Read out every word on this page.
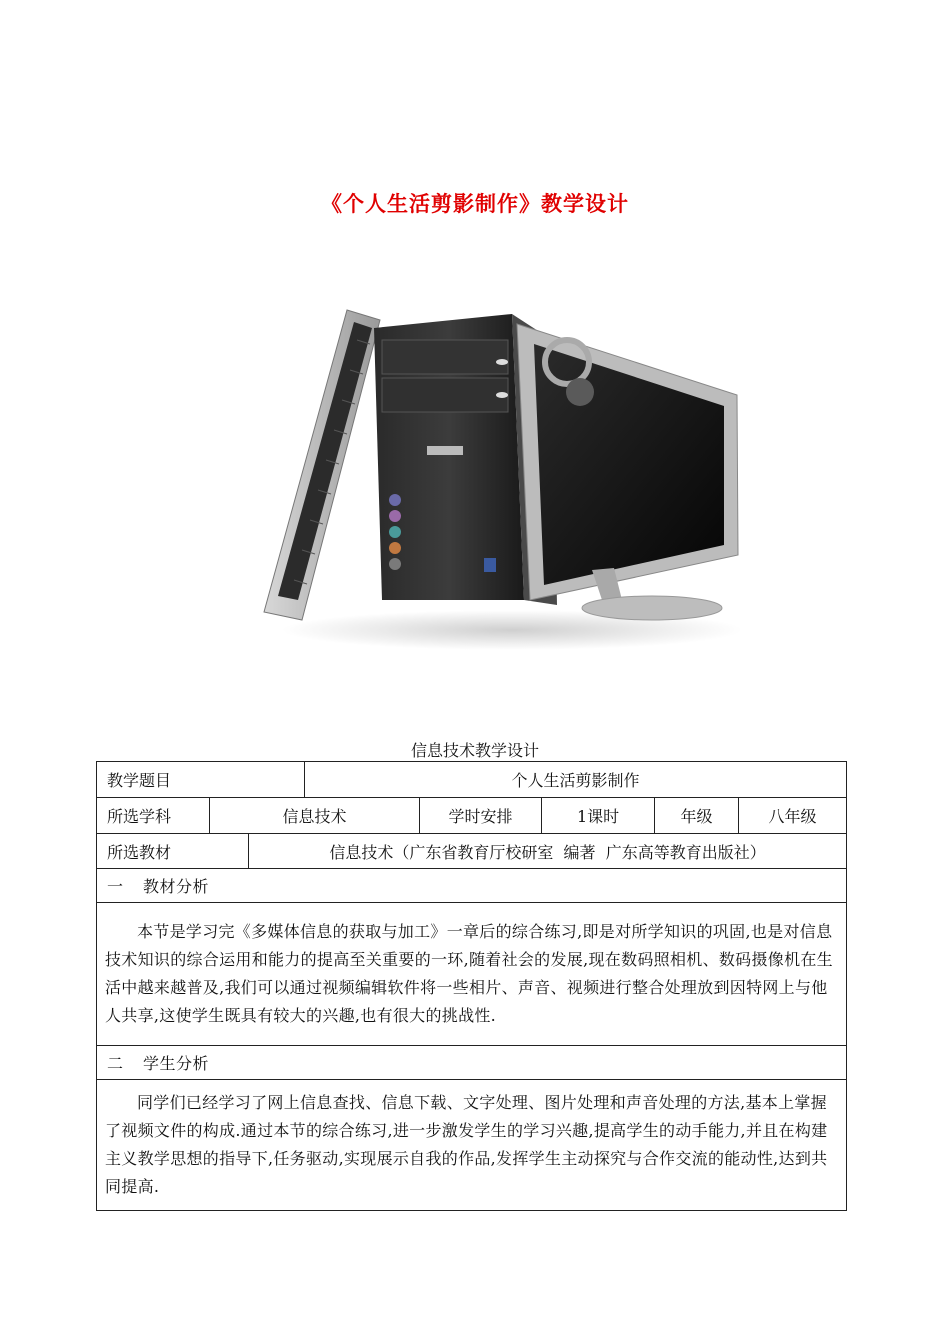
《个人生活剪影制作》教学设计
信息技术教学设计
教学题目			个人生活剪影制作				
所选学科	信息技术			学时安排	1课时	年级	八年级
所选教材		信息技术（广东省教育厅校研室  编著  广东高等教育出版社）					
一 教材分析							
本节是学习完《多媒体信息的获取与加工》一章后的综合练习,即是对所学知识的巩固,也是对信息技术知识的综合运用和能力的提高至关重要的一环,随着社会的发展,现在数码照相机、数码摄像机在生活中越来越普及,我们可以通过视频编辑软件将一些相片、声音、视频进行整合处理放到因特网上与他人共享,这使学生既具有较大的兴趣,也有很大的挑战性.							
二 学生分析							
同学们已经学习了网上信息查找、信息下载、文字处理、图片处理和声音处理的方法,基本上掌握了视频文件的构成.通过本节的综合练习,进一步激发学生的学习兴趣,提高学生的动手能力,并且在构建主义教学思想的指导下,任务驱动,实现展示自我的作品,发挥学生主动探究与合作交流的能动性,达到共同提高.							
